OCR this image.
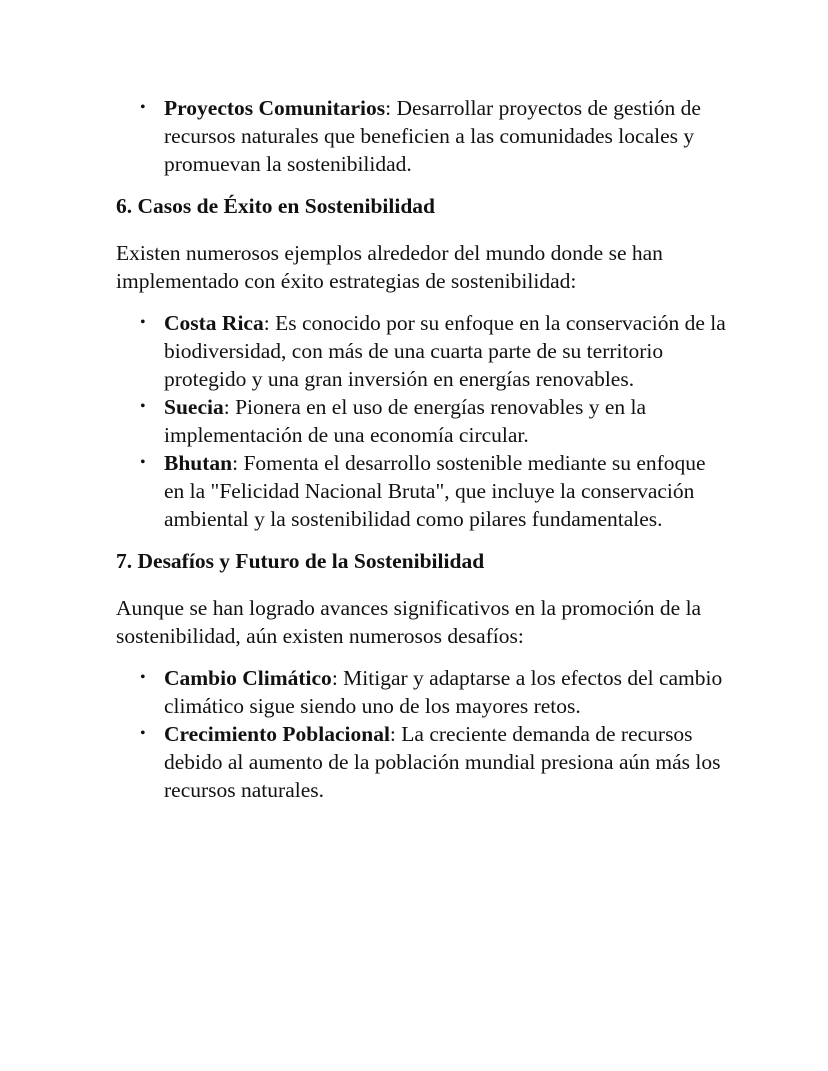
• Proyectos Comunitarios: Desarrollar proyectos de gestión de recursos naturales que beneficien a las comunidades locales y promuevan la sostenibilidad.
6. Casos de Éxito en Sostenibilidad

Existen numerosos ejemplos alrededor del mundo donde se han implementado con éxito estrategias de sostenibilidad:

• Costa Rica: Es conocido por su enfoque en la conservación de la biodiversidad, con más de una cuarta parte de su territorio protegido y una gran inversión en energías renovables.
• Suecia: Pionera en el uso de energías renovables y en la implementación de una economía circular.
• Bhutan: Fomenta el desarrollo sostenible mediante su enfoque en la "Felicidad Nacional Bruta", que incluye la conservación ambiental y la sostenibilidad como pilares fundamentales.
7. Desafíos y Futuro de la Sostenibilidad

Aunque se han logrado avances significativos en la promoción de la sostenibilidad, aún existen numerosos desafíos:

• Cambio Climático: Mitigar y adaptarse a los efectos del cambio climático sigue siendo uno de los mayores retos.
• Crecimiento Poblacional: La creciente demanda de recursos debido al aumento de la población mundial presiona aún más los recursos naturales.
